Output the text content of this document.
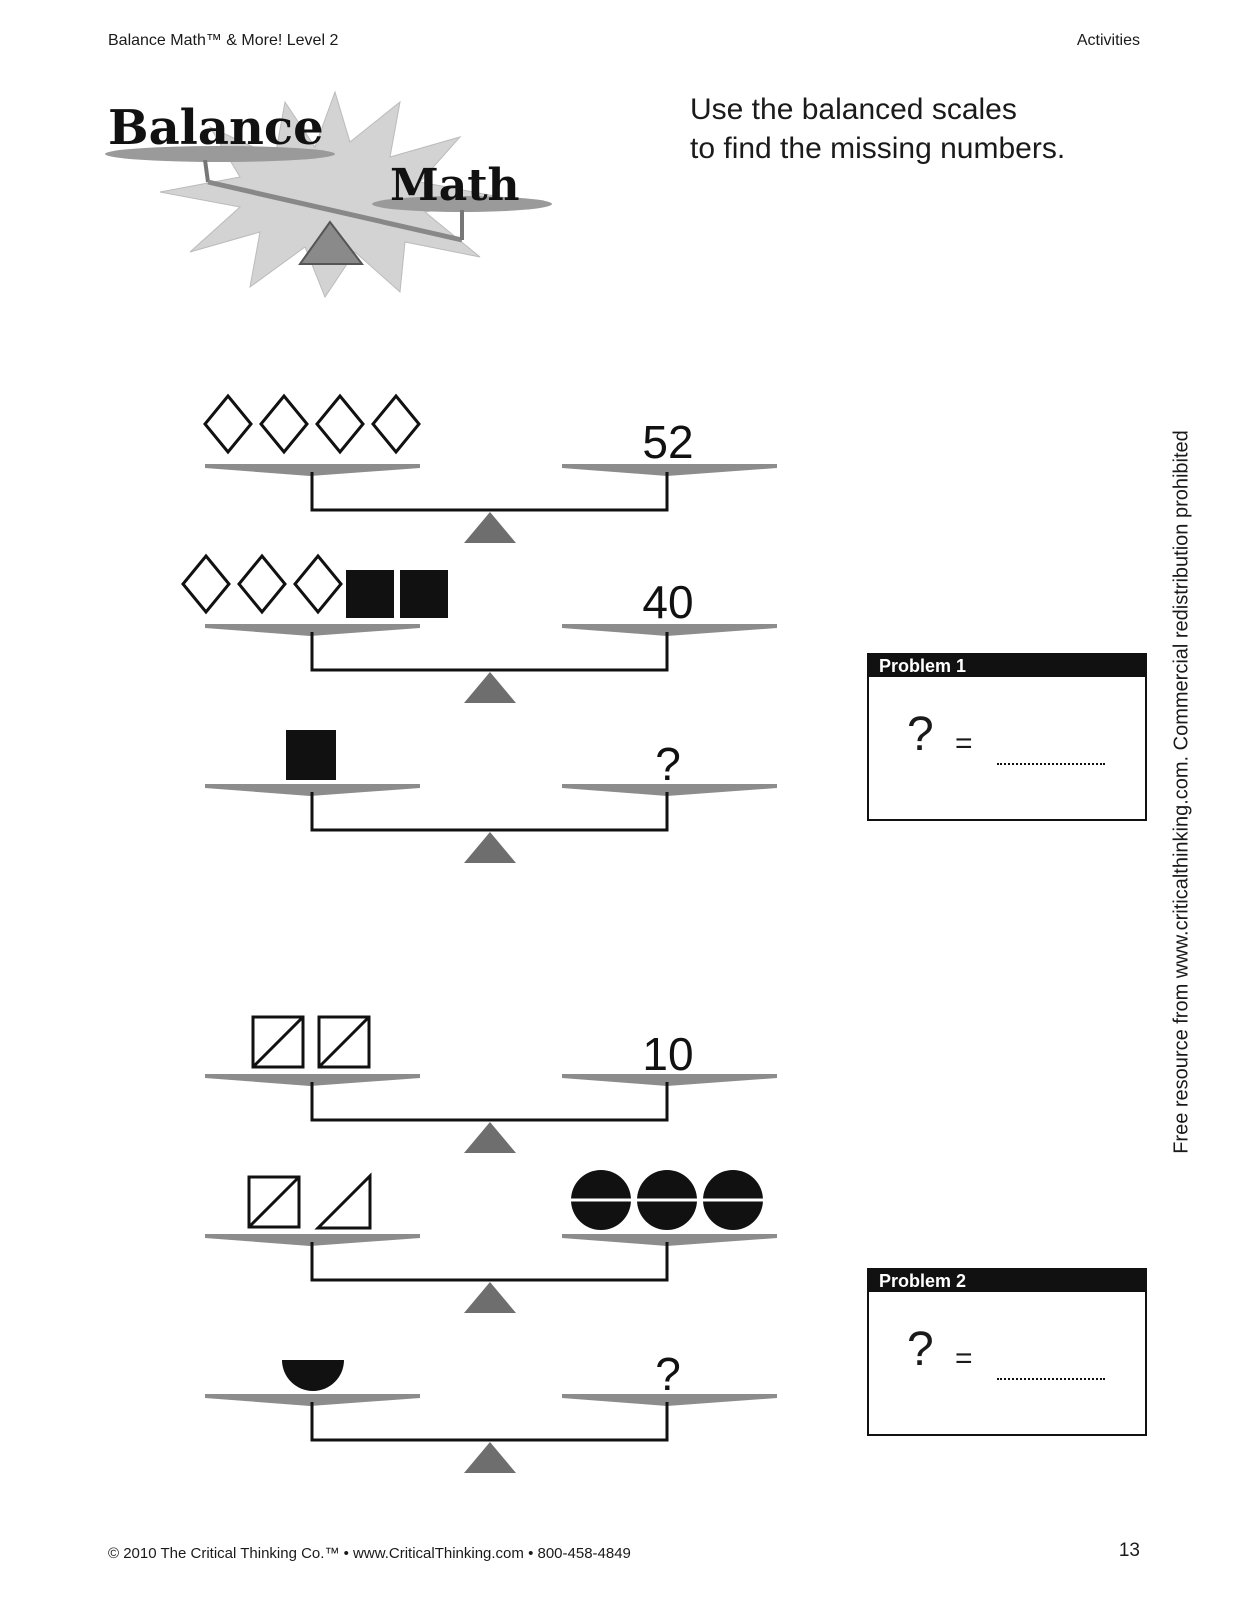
Balance Math™ & More! Level 2	Activities
Balance
Math
Use the balanced scales
to find the missing numbers.
Free resource from www.criticalthinking.com. Commercial redistribution prohibited
52
40
?
10
?
Problem 1
? =
Problem 2
? =
© 2010 The Critical Thinking Co.™ • www.CriticalThinking.com • 800-458-4849	13
